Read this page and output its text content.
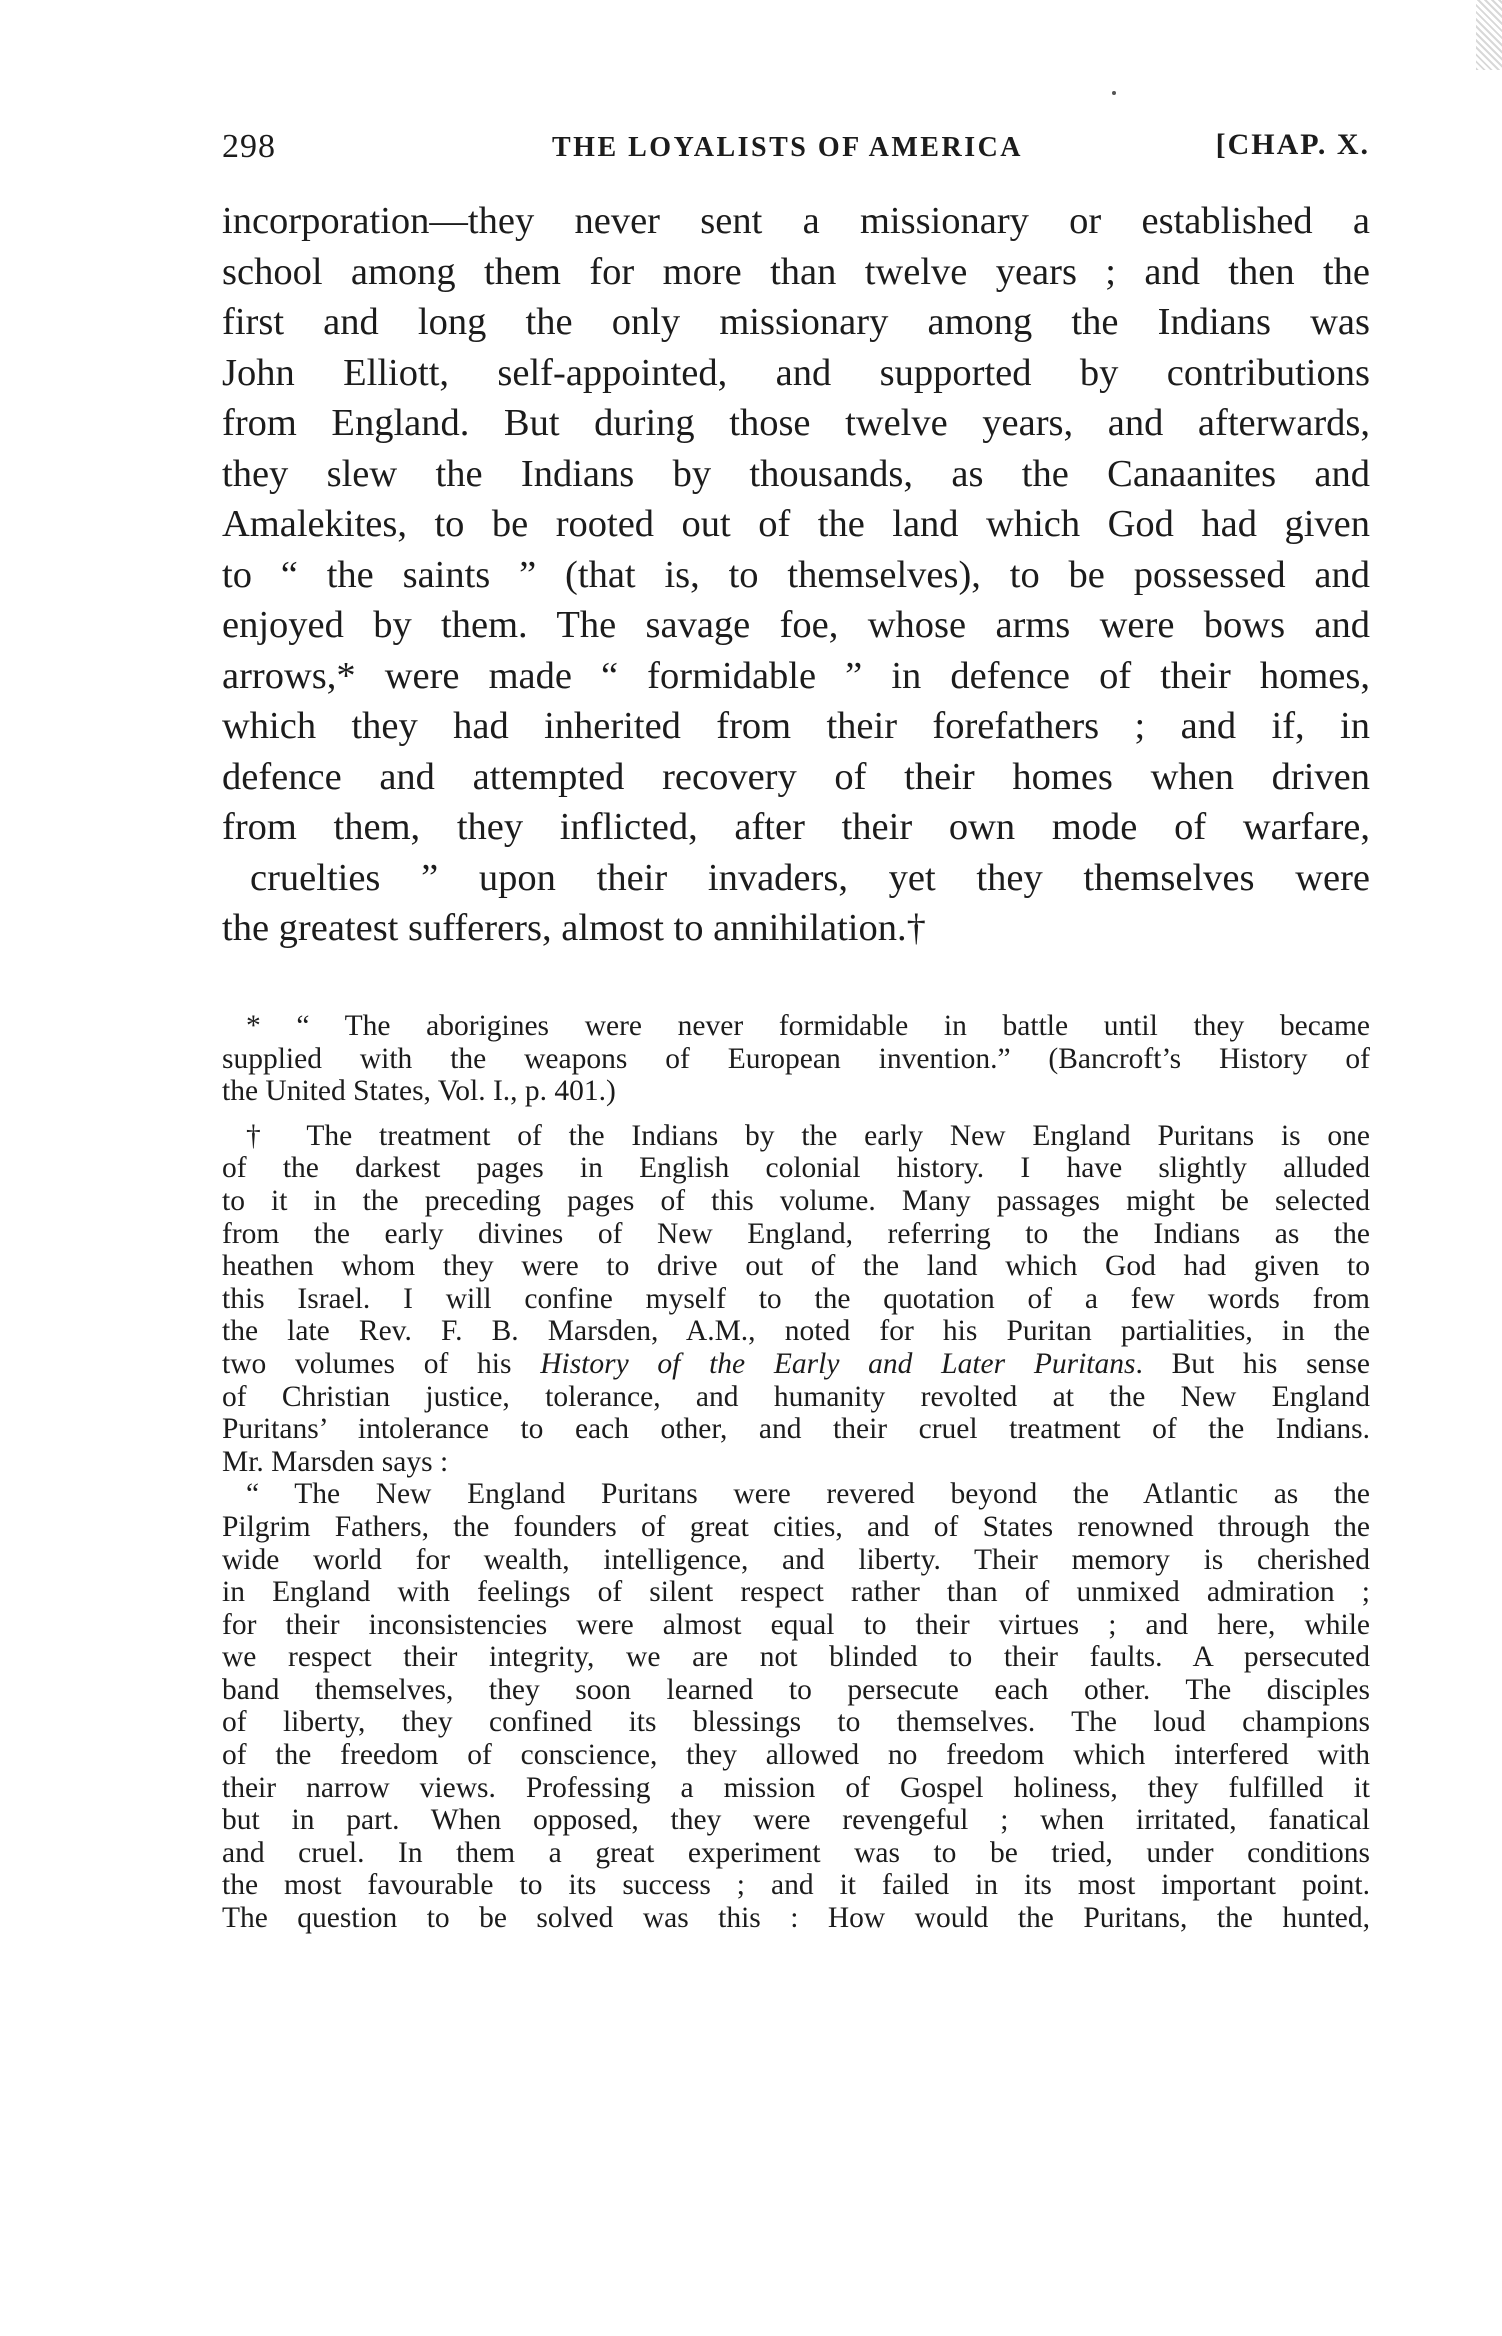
298	THE LOYALISTS OF AMERICA	[CHAP. X.
incorporation—they never sent a missionary or established a
school among them for more than twelve years ; and then the
first and long the only missionary among the Indians was
John Elliott, self-appointed, and supported by contributions
from England. But during those twelve years, and afterwards,
they slew the Indians by thousands, as the Canaanites and
Amalekites, to be rooted out of the land which God had given
to “ the saints ” (that is, to themselves), to be possessed and
enjoyed by them. The savage foe, whose arms were bows and
arrows,* were made “ formidable ” in defence of their homes,
which they had inherited from their forefathers ; and if, in
defence and attempted recovery of their homes when driven
from them, they inflicted, after their own mode of warfare,
cruelties ” upon their invaders, yet they themselves were
the greatest sufferers, almost to annihilation.†
* “ The aborigines were never formidable in battle until they became
supplied with the weapons of European invention.” (Bancroft’s History of
the United States, Vol. I., p. 401.)
† The treatment of the Indians by the early New England Puritans is one
of the darkest pages in English colonial history. I have slightly alluded
to it in the preceding pages of this volume. Many passages might be selected
from the early divines of New England, referring to the Indians as the
heathen whom they were to drive out of the land which God had given to
this Israel. I will confine myself to the quotation of a few words from
the late Rev. F. B. Marsden, A.M., noted for his Puritan partialities, in the
two volumes of his History of the Early and Later Puritans. But his sense
of Christian justice, tolerance, and humanity revolted at the New England
Puritans’ intolerance to each other, and their cruel treatment of the Indians.
Mr. Marsden says :
“ The New England Puritans were revered beyond the Atlantic as the
Pilgrim Fathers, the founders of great cities, and of States renowned through the
wide world for wealth, intelligence, and liberty. Their memory is cherished
in England with feelings of silent respect rather than of unmixed admiration ;
for their inconsistencies were almost equal to their virtues ; and here, while
we respect their integrity, we are not blinded to their faults. A persecuted
band themselves, they soon learned to persecute each other. The disciples
of liberty, they confined its blessings to themselves. The loud champions
of the freedom of conscience, they allowed no freedom which interfered with
their narrow views. Professing a mission of Gospel holiness, they fulfilled it
but in part. When opposed, they were revengeful ; when irritated, fanatical
and cruel. In them a great experiment was to be tried, under conditions
the most favourable to its success ; and it failed in its most important point.
The question to be solved was this : How would the Puritans, the hunted,
